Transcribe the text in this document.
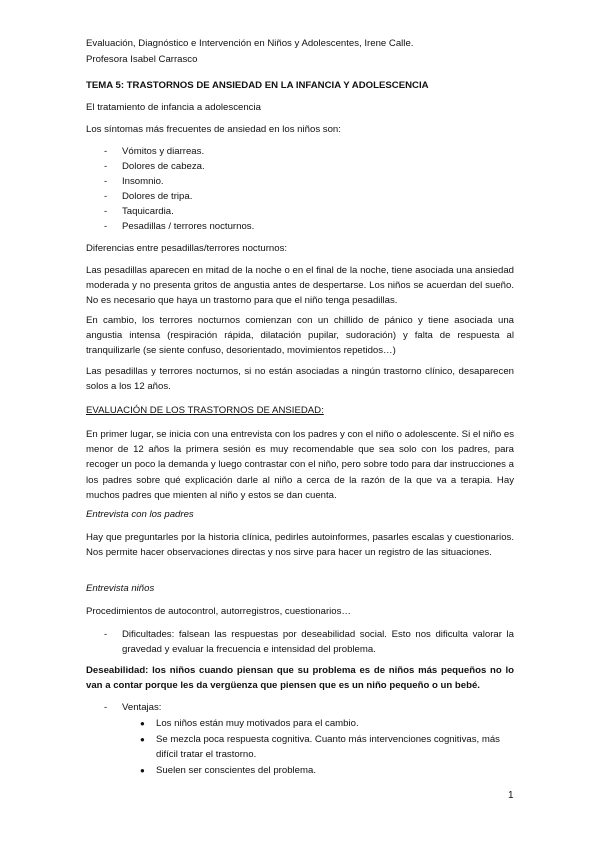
Evaluación, Diagnóstico e Intervención en Niños y Adolescentes, Irene Calle.
Profesora Isabel Carrasco
TEMA 5: TRASTORNOS DE ANSIEDAD EN LA INFANCIA Y ADOLESCENCIA
El tratamiento de infancia a adolescencia
Los síntomas más frecuentes de ansiedad en los niños son:
- Vómitos y diarreas.
- Dolores de cabeza.
- Insomnio.
- Dolores de tripa.
- Taquicardia.
- Pesadillas / terrores nocturnos.
Diferencias entre pesadillas/terrores nocturnos:
Las pesadillas aparecen en mitad de la noche o en el final de la noche, tiene asociada una ansiedad moderada y no presenta gritos de angustia antes de despertarse. Los niños se acuerdan del sueño. No es necesario que haya un trastorno para que el niño tenga pesadillas.
En cambio, los terrores nocturnos comienzan con un chillido de pánico y tiene asociada una angustia intensa (respiración rápida, dilatación pupilar, sudoración) y falta de respuesta al tranquilizarle (se siente confuso, desorientado, movimientos repetidos…)
Las pesadillas y terrores nocturnos, si no están asociadas a ningún trastorno clínico, desaparecen solos a los 12 años.
EVALUACIÓN DE LOS TRASTORNOS DE ANSIEDAD:
En primer lugar, se inicia con una entrevista con los padres y con el niño o adolescente. Si el niño es menor de 12 años la primera sesión es muy recomendable que sea solo con los padres, para recoger un poco la demanda y luego contrastar con el niño, pero sobre todo para dar instrucciones a los padres sobre qué explicación darle al niño a cerca de la razón de la que va a terapia. Hay muchos padres que mienten al niño y estos se dan cuenta.
Entrevista con los padres
Hay que preguntarles por la historia clínica, pedirles autoinformes, pasarles escalas y cuestionarios. Nos permite hacer observaciones directas y nos sirve para hacer un registro de las situaciones.
Entrevista niños
Procedimientos de autocontrol, autorregistros, cuestionarios…
- Dificultades: falsean las respuestas por deseabilidad social. Esto nos dificulta valorar la gravedad y evaluar la frecuencia e intensidad del problema.
Deseabilidad: los niños cuando piensan que su problema es de niños más pequeños no lo van a contar porque les da vergüenza que piensen que es un niño pequeño o un bebé.
- Ventajas:
● Los niños están muy motivados para el cambio.
● Se mezcla poca respuesta cognitiva. Cuanto más intervenciones cognitivas, más difícil tratar el trastorno.
● Suelen ser conscientes del problema.
1
